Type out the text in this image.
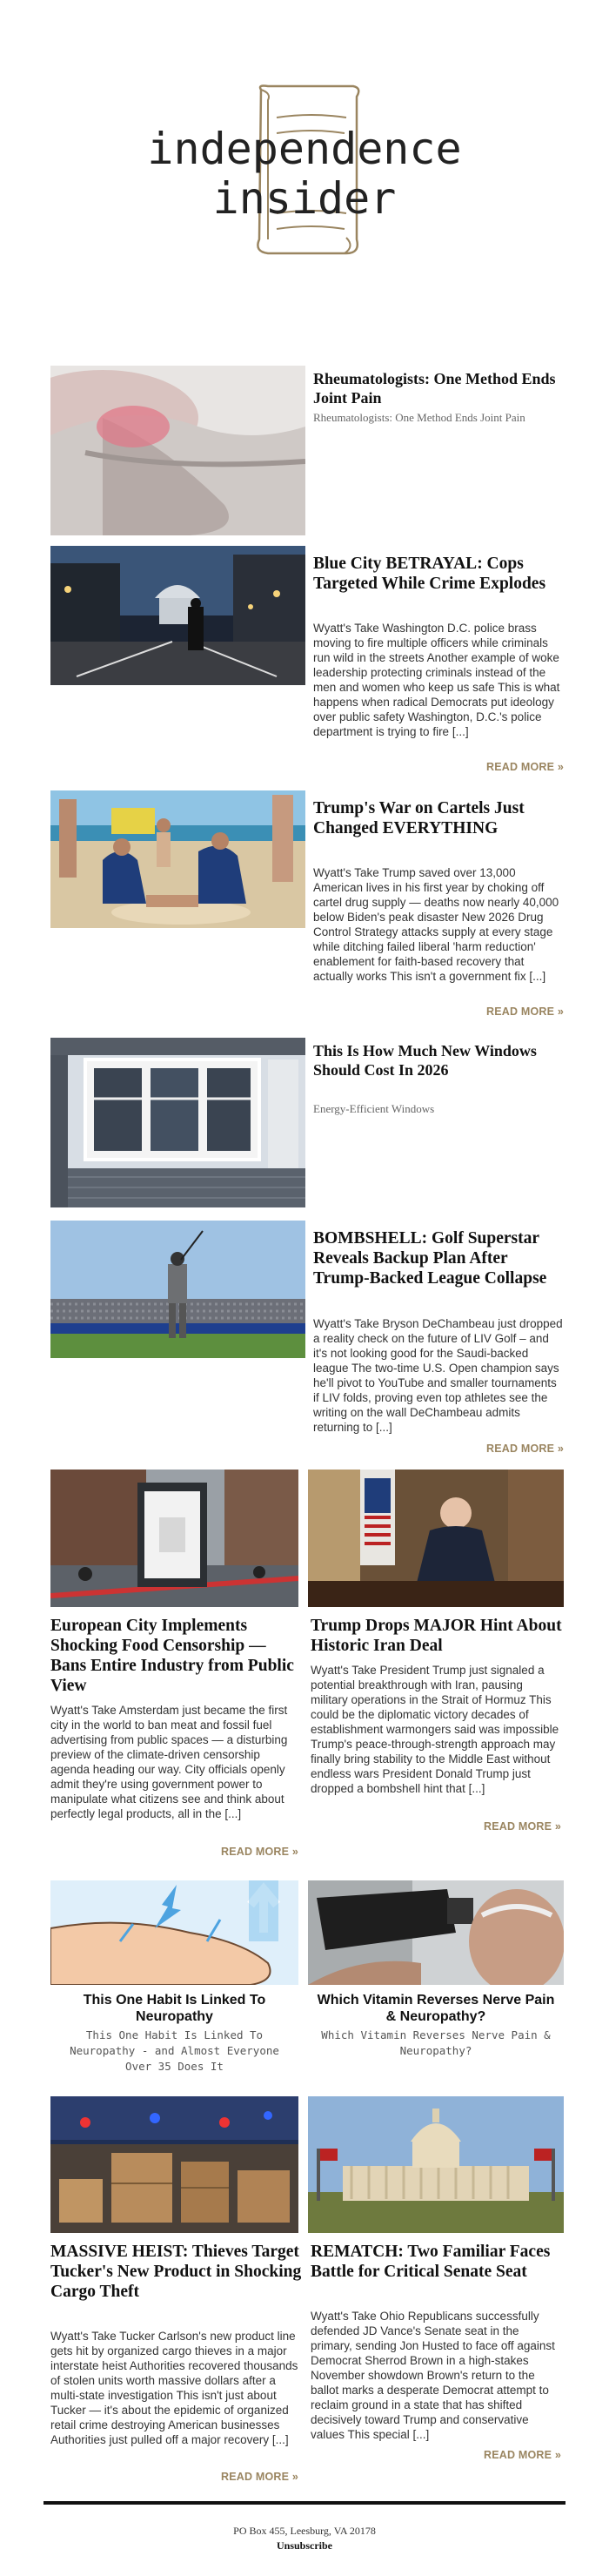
independence
insider
Rheumatologists: One Method Ends Joint Pain
Rheumatologists: One Method Ends Joint Pain
Blue City BETRAYAL: Cops Targeted While Crime Explodes

Wyatt's Take Washington D.C. police brass moving to fire multiple officers while criminals run wild in the streets Another example of woke leadership protecting criminals instead of the men and women who keep us safe This is what happens when radical Democrats put ideology over public safety Washington, D.C.'s police department is trying to fire [...]

READ MORE »
Trump's War on Cartels Just Changed EVERYTHING

Wyatt's Take Trump saved over 13,000 American lives in his first year by choking off cartel drug supply — deaths now nearly 40,000 below Biden's peak disaster New 2026 Drug Control Strategy attacks supply at every stage while ditching failed liberal 'harm reduction' enablement for faith-based recovery that actually works This isn't a government fix [...]

READ MORE »
This Is How Much New Windows Should Cost In 2026
Energy-Efficient Windows
BOMBSHELL: Golf Superstar Reveals Backup Plan After Trump-Backed League Collapse

Wyatt's Take Bryson DeChambeau just dropped a reality check on the future of LIV Golf – and it's not looking good for the Saudi-backed league The two-time U.S. Open champion says he'll pivot to YouTube and smaller tournaments if LIV folds, proving even top athletes see the writing on the wall DeChambeau admits returning to [...]

READ MORE »
European City Implements Shocking Food Censorship — Bans Entire Industry from Public View

Wyatt's Take Amsterdam just became the first city in the world to ban meat and fossil fuel advertising from public spaces — a disturbing preview of the climate-driven censorship agenda heading our way. City officials openly admit they're using government power to manipulate what citizens see and think about perfectly legal products, all in the [...]

READ MORE »
Trump Drops MAJOR Hint About Historic Iran Deal

Wyatt's Take President Trump just signaled a potential breakthrough with Iran, pausing military operations in the Strait of Hormuz This could be the diplomatic victory decades of establishment warmongers said was impossible Trump's peace-through-strength approach may finally bring stability to the Middle East without endless wars President Donald Trump just dropped a bombshell hint that [...]

READ MORE »
This One Habit Is Linked To Neuropathy
This One Habit Is Linked To Neuropathy - and Almost Everyone Over 35 Does It
Which Vitamin Reverses Nerve Pain & Neuropathy?
Which Vitamin Reverses Nerve Pain & Neuropathy?
MASSIVE HEIST: Thieves Target Tucker's New Product in Shocking Cargo Theft

Wyatt's Take Tucker Carlson's new product line gets hit by organized cargo thieves in a major interstate heist Authorities recovered thousands of stolen units worth massive dollars after a multi-state investigation This isn't just about Tucker — it's about the epidemic of organized retail crime destroying American businesses Authorities just pulled off a major recovery [...]

READ MORE »
REMATCH: Two Familiar Faces Battle for Critical Senate Seat

Wyatt's Take Ohio Republicans successfully defended JD Vance's Senate seat in the primary, sending Jon Husted to face off against Democrat Sherrod Brown in a high-stakes November showdown Brown's return to the ballot marks a desperate Democrat attempt to reclaim ground in a state that has shifted decisively toward Trump and conservative values This special [...]

READ MORE »
PO Box 455, Leesburg, VA 20178
Unsubscribe
